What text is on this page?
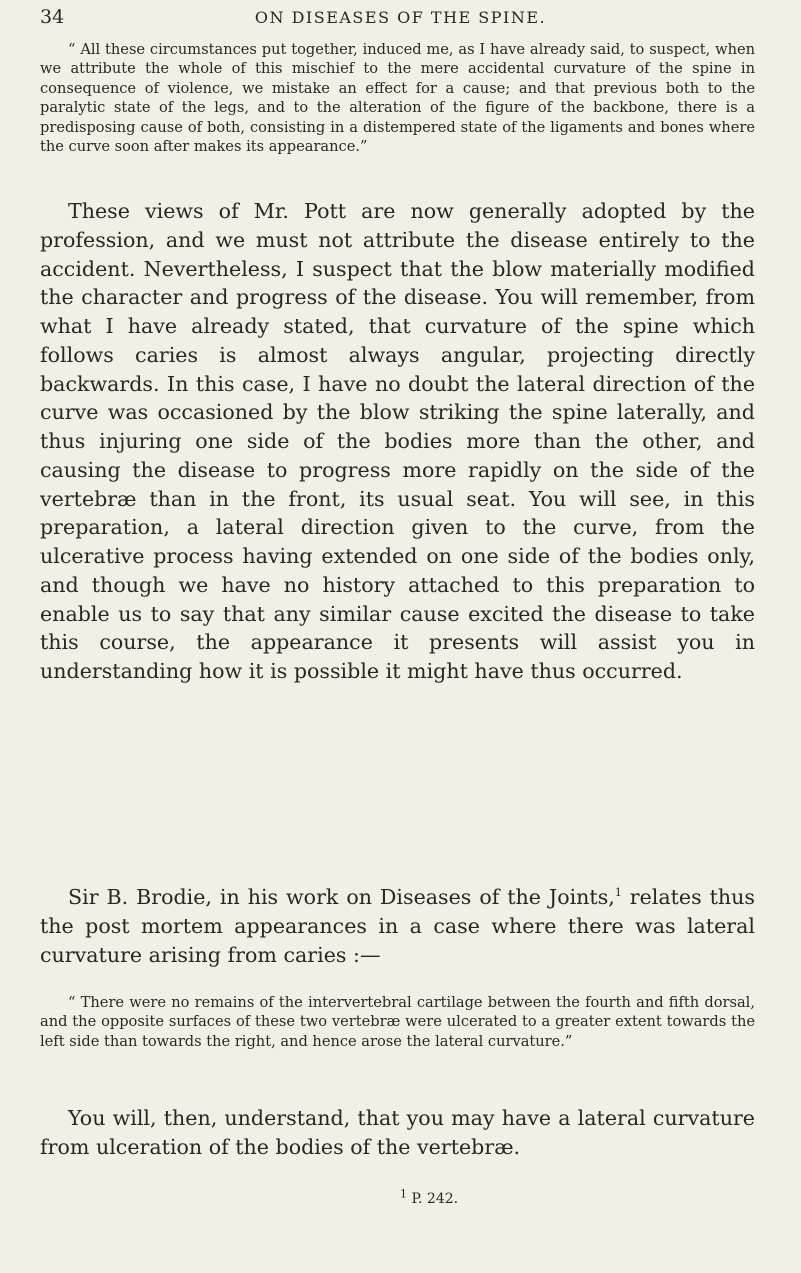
34	ON DISEASES OF THE SPINE.

“ All these circumstances put together, induced me, as I have already said, to suspect, when we attribute the whole of this mischief to the mere accidental curvature of the spine in consequence of violence, we mistake an effect for a cause; and that previous both to the paralytic state of the legs, and to the alteration of the figure of the backbone, there is a predisposing cause of both, consisting in a distempered state of the ligaments and bones where the curve soon after makes its appearance.”

These views of Mr. Pott are now generally adopted by the profession, and we must not attribute the disease entirely to the accident. Nevertheless, I suspect that the blow materially modified the character and progress of the disease. You will remember, from what I have already stated, that curvature of the spine which follows caries is almost always angular, projecting directly backwards. In this case, I have no doubt the lateral direction of the curve was occasioned by the blow striking the spine laterally, and thus injuring one side of the bodies more than the other, and causing the disease to progress more rapidly on the side of the vertebræ than in the front, its usual seat. You will see, in this preparation, a lateral direction given to the curve, from the ulcerative process having extended on one side of the bodies only, and though we have no history attached to this preparation to enable us to say that any similar cause excited the disease to take this course, the appearance it presents will assist you in understanding how it is possible it might have thus occurred.

Sir B. Brodie, in his work on Diseases of the Joints,$^1$ relates thus the post mortem appearances in a case where there was lateral curvature arising from caries :—

“ There were no remains of the intervertebral cartilage between the fourth and fifth dorsal, and the opposite surfaces of these two vertebræ were ulcerated to a greater extent towards the left side than towards the right, and hence arose the lateral curvature.”

You will, then, understand, that you may have a lateral curvature from ulceration of the bodies of the vertebræ.

$^1$ P. 242.
